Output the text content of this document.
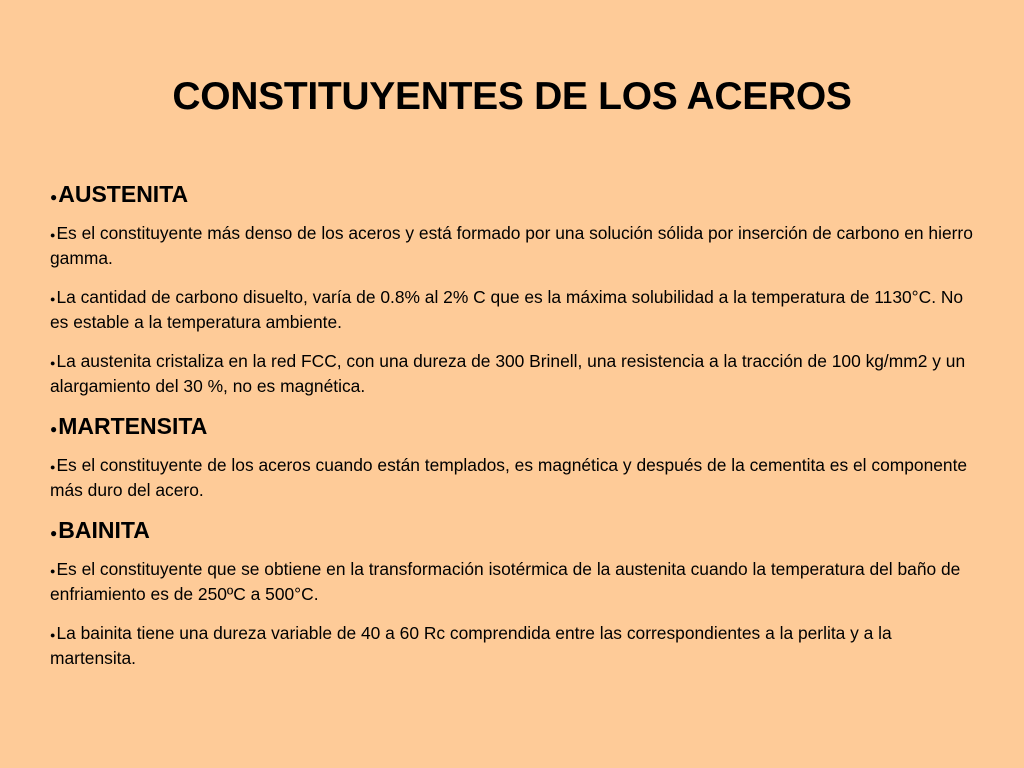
CONSTITUYENTES DE LOS ACEROS
●AUSTENITA

●Es el constituyente más denso de los aceros y está formado por una solución sólida por inserción de carbono en hierro gamma.

●La cantidad de carbono disuelto, varía de 0.8% al 2% C que es la máxima solubilidad a la temperatura de 1130°C. No es estable a la temperatura ambiente.

●La austenita cristaliza en la red FCC, con una dureza de 300 Brinell, una resistencia a la tracción de 100 kg/mm2 y un alargamiento del 30 %, no es magnética.

●MARTENSITA

●Es el constituyente de los aceros cuando están templados, es magnética y después de la cementita es el componente más duro del acero.

●BAINITA

●Es el constituyente que se obtiene en la transformación isotérmica de la austenita cuando la temperatura del baño de enfriamiento es de 250ºC a 500°C.

●La bainita tiene una dureza variable de 40 a 60 Rc comprendida entre las correspondientes a la perlita y a la martensita.
